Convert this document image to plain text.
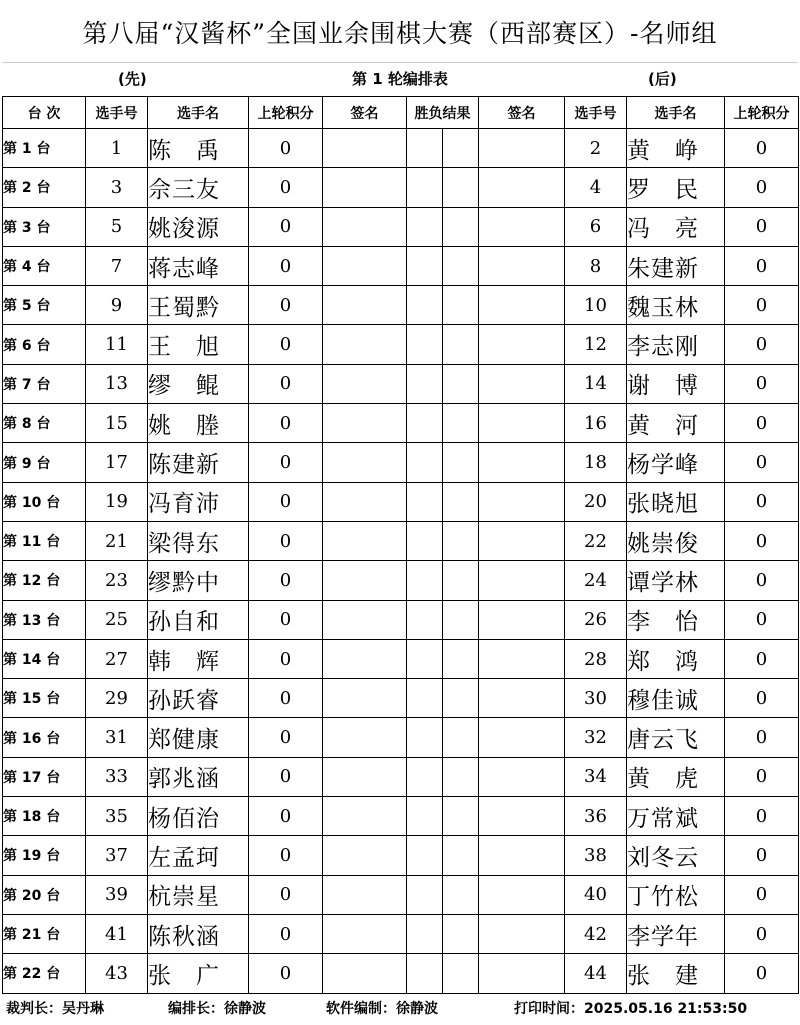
第八届“汉酱杯”全国业余围棋大赛（西部赛区）-名师组
(先)	第 1 轮编排表	(后)
台 次	选手号	选手名	上轮积分	签名	胜负结果	签名	选手号	选手名	上轮积分
第 1 台	1	陈　禹	0				2	黄　峥	0
第 2 台	3	佘三友	0				4	罗　民	0
第 3 台	5	姚浚源	0				6	冯　亮	0
第 4 台	7	蒋志峰	0				8	朱建新	0
第 5 台	9	王蜀黔	0				10	魏玉林	0
第 6 台	11	王　旭	0				12	李志刚	0
第 7 台	13	缪　鲲	0				14	谢　博	0
第 8 台	15	姚　塍	0				16	黄　河	0
第 9 台	17	陈建新	0				18	杨学峰	0
第 10 台	19	冯育沛	0				20	张晓旭	0
第 11 台	21	梁得东	0				22	姚崇俊	0
第 12 台	23	缪黔中	0				24	谭学林	0
第 13 台	25	孙自和	0				26	李　怡	0
第 14 台	27	韩　辉	0				28	郑　鸿	0
第 15 台	29	孙跃睿	0				30	穆佳诚	0
第 16 台	31	郑健康	0				32	唐云飞	0
第 17 台	33	郭兆涵	0				34	黄　虎	0
第 18 台	35	杨佰治	0				36	万常斌	0
第 19 台	37	左孟珂	0				38	刘冬云	0
第 20 台	39	杭崇星	0				40	丁竹松	0
第 21 台	41	陈秋涵	0				42	李学年	0
第 22 台	43	张　广	0				44	张　建	0
裁判长：吴丹琳	编排长：徐静波	软件编制：徐静波	打印时间：2025.05.16 21:53:50
